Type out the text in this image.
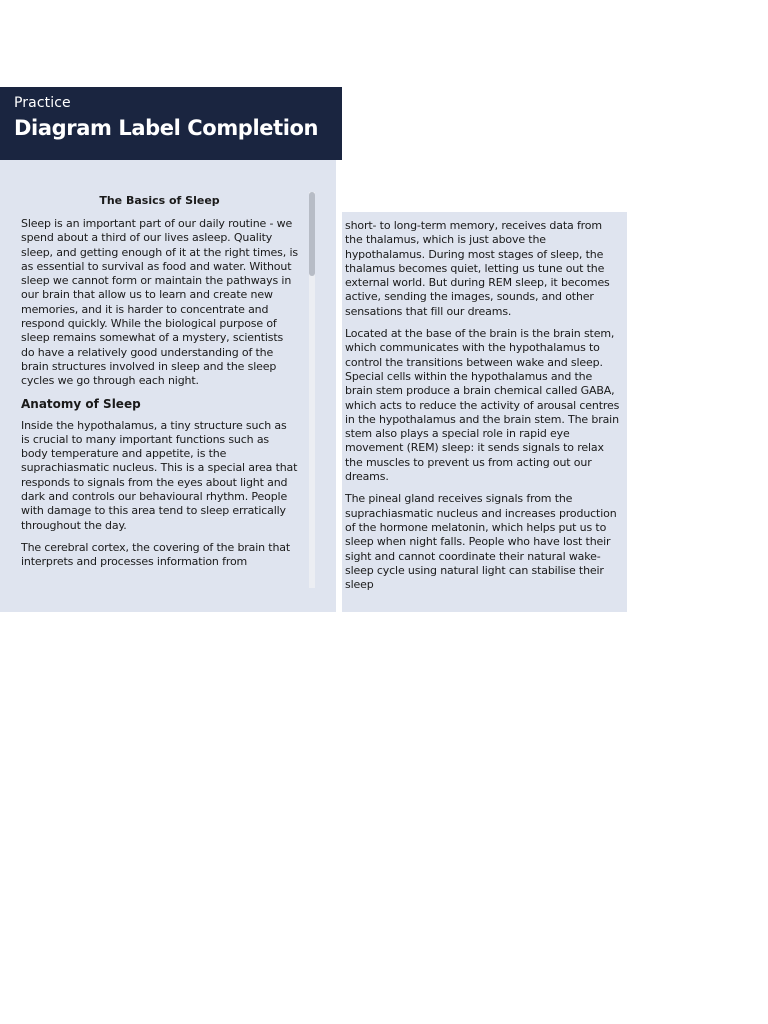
Practice
Diagram Label Completion
The Basics of Sleep

Sleep is an important part of our daily routine - we spend about a third of our lives asleep. Quality sleep, and getting enough of it at the right times, is as essential to survival as food and water. Without sleep we cannot form or maintain the pathways in our brain that allow us to learn and create new memories, and it is harder to concentrate and respond quickly. While the biological purpose of sleep remains somewhat of a mystery, scientists do have a relatively good understanding of the brain structures involved in sleep and the sleep cycles we go through each night.

Anatomy of Sleep

Inside the hypothalamus, a tiny structure such as is crucial to many important functions such as body temperature and appetite, is the suprachiasmatic nucleus. This is a special area that responds to signals from the eyes about light and dark and controls our behavioural rhythm. People with damage to this area tend to sleep erratically throughout the day.

The cerebral cortex, the covering of the brain that interprets and processes information from

short- to long-term memory, receives data from the thalamus, which is just above the hypothalamus. During most stages of sleep, the thalamus becomes quiet, letting us tune out the external world. But during REM sleep, it becomes active, sending the images, sounds, and other sensations that fill our dreams.

Located at the base of the brain is the brain stem, which communicates with the hypothalamus to control the transitions between wake and sleep. Special cells within the hypothalamus and the brain stem produce a brain chemical called GABA, which acts to reduce the activity of arousal centres in the hypothalamus and the brain stem. The brain stem also plays a special role in rapid eye movement (REM) sleep: it sends signals to relax the muscles to prevent us from acting out our dreams.

The pineal gland receives signals from the suprachiasmatic nucleus and increases production of the hormone melatonin, which helps put us to sleep when night falls. People who have lost their sight and cannot coordinate their natural wake-sleep cycle using natural light can stabilise their sleep
